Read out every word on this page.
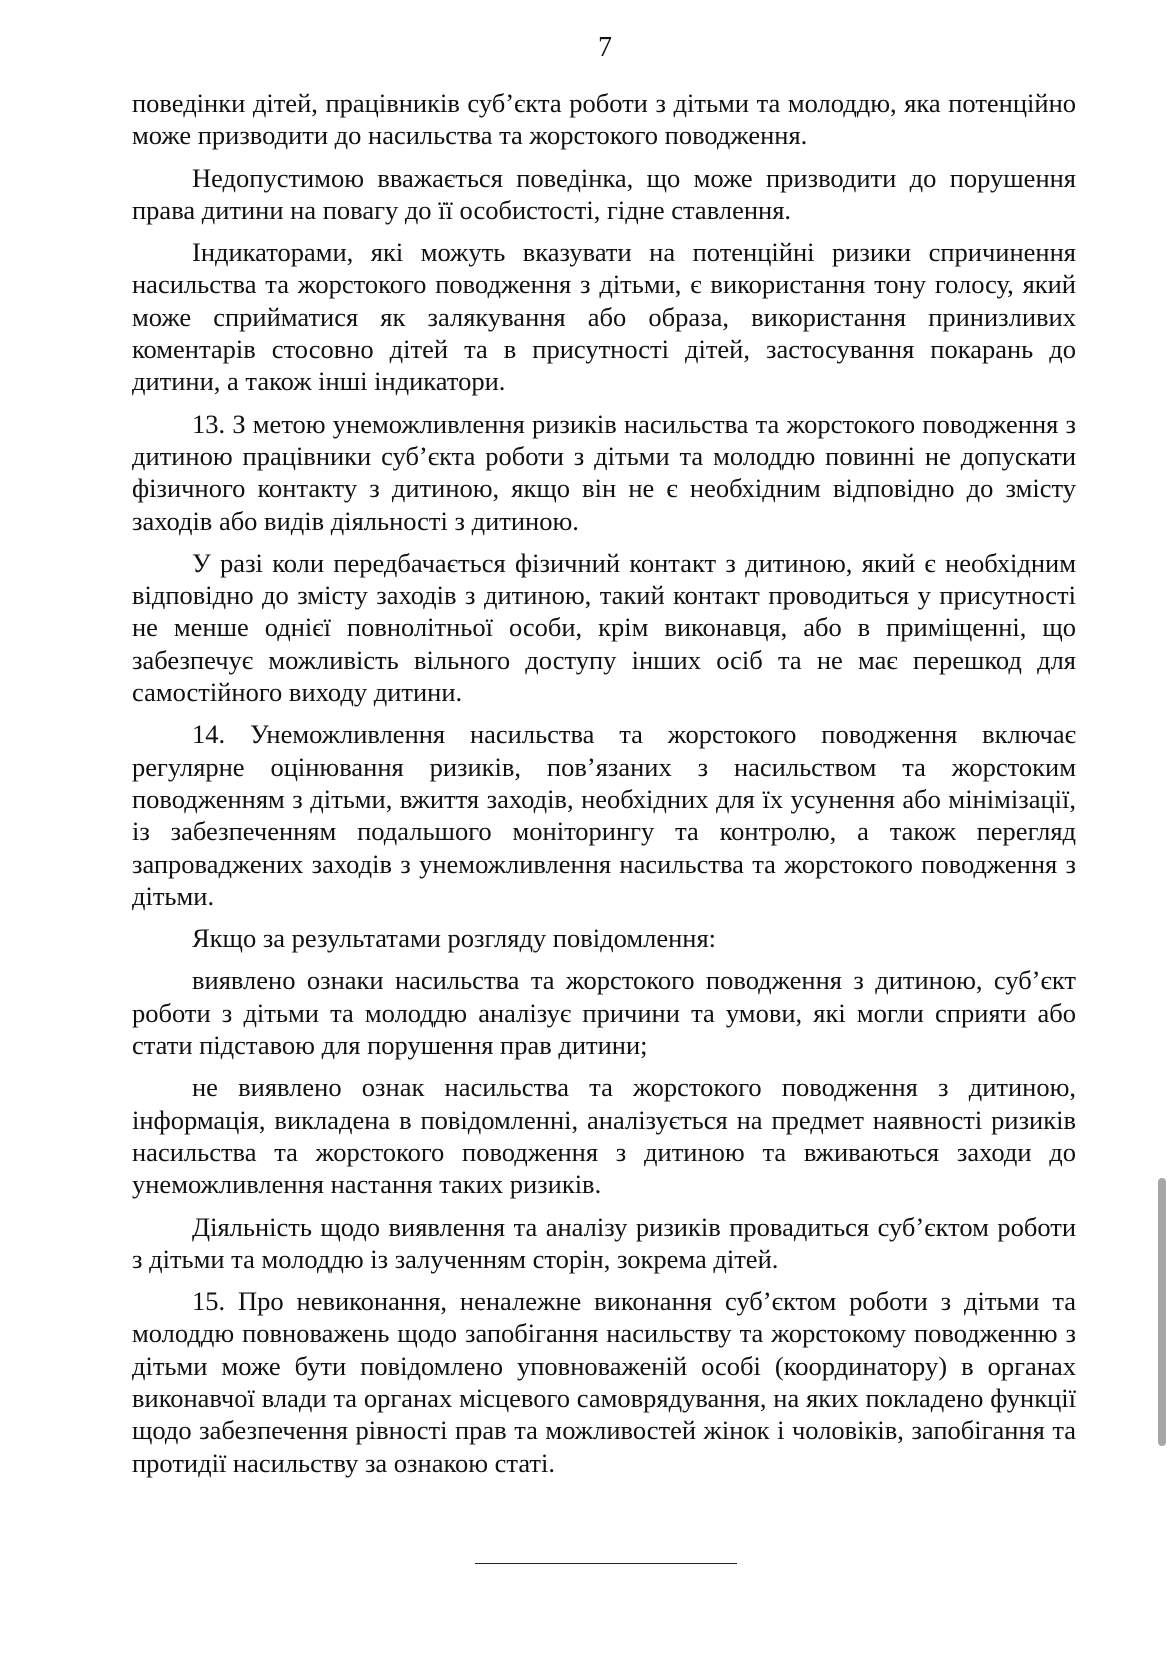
7

поведінки дітей, працівників суб’єкта роботи з дітьми та молоддю, яка потенційно може призводити до насильства та жорстокого поводження.

Недопустимою вважається поведінка, що може призводити до порушення права дитини на повагу до її особистості, гідне ставлення.

Індикаторами, які можуть вказувати на потенційні ризики спричинення насильства та жорстокого поводження з дітьми, є використання тону голосу, який може сприйматися як залякування або образа, використання принизливих коментарів стосовно дітей та в присутності дітей, застосування покарань до дитини, а також інші індикатори.

13. З метою унеможливлення ризиків насильства та жорстокого поводження з дитиною працівники суб’єкта роботи з дітьми та молоддю повинні не допускати фізичного контакту з дитиною, якщо він не є необхідним відповідно до змісту заходів або видів діяльності з дитиною.

У разі коли передбачається фізичний контакт з дитиною, який є необхідним відповідно до змісту заходів з дитиною, такий контакт проводиться у присутності не менше однієї повнолітньої особи, крім виконавця, або в приміщенні, що забезпечує можливість вільного доступу інших осіб та не має перешкод для самостійного виходу дитини.

14. Унеможливлення насильства та жорстокого поводження включає регулярне оцінювання ризиків, пов’язаних з насильством та жорстоким поводженням з дітьми, вжиття заходів, необхідних для їх усунення або мінімізації, із забезпеченням подальшого моніторингу та контролю, а також перегляд запроваджених заходів з унеможливлення насильства та жорстокого поводження з дітьми.

Якщо за результатами розгляду повідомлення:

виявлено ознаки насильства та жорстокого поводження з дитиною, суб’єкт роботи з дітьми та молоддю аналізує причини та умови, які могли сприяти або стати підставою для порушення прав дитини;

не виявлено ознак насильства та жорстокого поводження з дитиною, інформація, викладена в повідомленні, аналізується на предмет наявності ризиків насильства та жорстокого поводження з дитиною та вживаються заходи до унеможливлення настання таких ризиків.

Діяльність щодо виявлення та аналізу ризиків провадиться суб’єктом роботи з дітьми та молоддю із залученням сторін, зокрема дітей.

15. Про невиконання, неналежне виконання суб’єктом роботи з дітьми та молоддю повноважень щодо запобігання насильству та жорстокому поводженню з дітьми може бути повідомлено уповноваженій особі (координатору) в органах виконавчої влади та органах місцевого самоврядування, на яких покладено функції щодо забезпечення рівності прав та можливостей жінок і чоловіків, запобігання та протидії насильству за ознакою статі.
